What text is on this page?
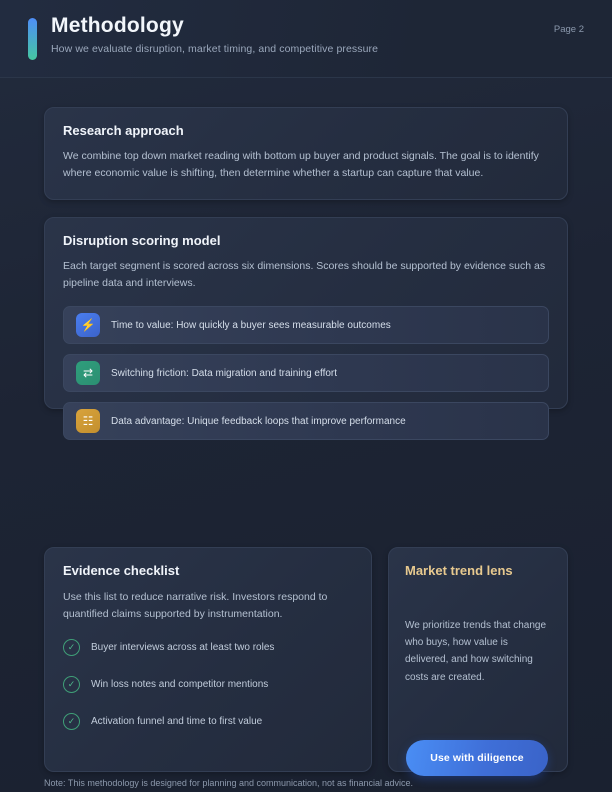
Methodology
How we evaluate disruption, market timing, and competitive pressure
Page 2
Research approach
We combine top down market reading with bottom up buyer and product signals. The goal is to identify where economic value is shifting, then determine whether a startup can capture that value.
Disruption scoring model
Each target segment is scored across six dimensions. Scores should be supported by evidence such as pipeline data and interviews.
⚡	Time to value: How quickly a buyer sees measurable outcomes
⇄	Switching friction: Data migration and training effort
☷	Data advantage: Unique feedback loops that improve performance
Evidence checklist
Use this list to reduce narrative risk. Investors respond to quantified claims supported by instrumentation.
✓	Buyer interviews across at least two roles
✓	Win loss notes and competitor mentions
✓	Activation funnel and time to first value
Market trend lens
We prioritize trends that change who buys, how value is delivered, and how switching costs are created.
Use with diligence
Note: This methodology is designed for planning and communication, not as financial advice.
